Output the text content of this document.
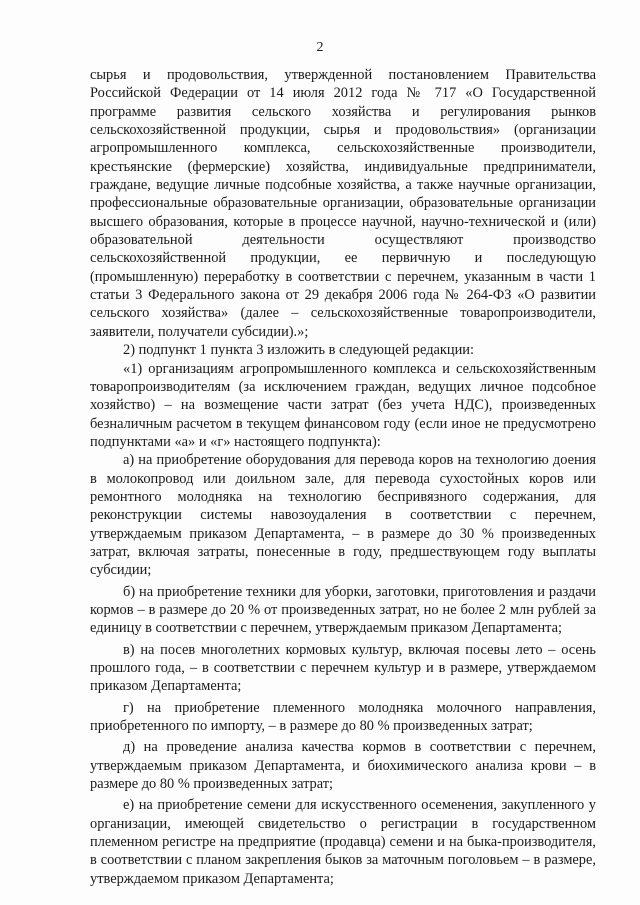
2

сырья и продовольствия, утвержденной постановлением Правительства Российской Федерации от 14 июля 2012 года № 717 «О Государственной программе развития сельского хозяйства и регулирования рынков сельскохозяйственной продукции, сырья и продовольствия» (организации агропромышленного комплекса, сельскохозяйственные производители, крестьянские (фермерские) хозяйства, индивидуальные предприниматели, граждане, ведущие личные подсобные хозяйства, а также научные организации, профессиональные образовательные организации, образовательные организации высшего образования, которые в процессе научной, научно-технической и (или) образовательной деятельности осуществляют производство сельскохозяйственной продукции, ее первичную и последующую (промышленную) переработку в соответствии с перечнем, указанным в части 1 статьи 3 Федерального закона от 29 декабря 2006 года № 264-ФЗ «О развитии сельского хозяйства» (далее – сельскохозяйственные товаропроизводители, заявители, получатели субсидии).»;

2) подпункт 1 пункта 3 изложить в следующей редакции:

«1) организациям агропромышленного комплекса и сельскохозяйственным товаропроизводителям (за исключением граждан, ведущих личное подсобное хозяйство) – на возмещение части затрат (без учета НДС), произведенных безналичным расчетом в текущем финансовом году (если иное не предусмотрено подпунктами «а» и «г» настоящего подпункта):

а) на приобретение оборудования для перевода коров на технологию доения в молокопровод или доильном зале, для перевода сухостойных коров или ремонтного молодняка на технологию беспривязного содержания, для реконструкции системы навозоудаления в соответствии с перечнем, утверждаемым приказом Департамента, – в размере до 30 % произведенных затрат, включая затраты, понесенные в году, предшествующем году выплаты субсидии;

б) на приобретение техники для уборки, заготовки, приготовления и раздачи кормов – в размере до 20 % от произведенных затрат, но не более 2 млн рублей за единицу в соответствии с перечнем, утверждаемым приказом Департамента;

в) на посев многолетних кормовых культур, включая посевы лето – осень прошлого года, – в соответствии с перечнем культур и в размере, утверждаемом приказом Департамента;

г) на приобретение племенного молодняка молочного направления, приобретенного по импорту, – в размере до 80 % произведенных затрат;

д) на проведение анализа качества кормов в соответствии с перечнем, утверждаемым приказом Департамента, и биохимического анализа крови – в размере до 80 % произведенных затрат;

е) на приобретение семени для искусственного осеменения, закупленного у организации, имеющей свидетельство о регистрации в государственном племенном регистре на предприятие (продавца) семени и на быка-производителя, в соответствии с планом закрепления быков за маточным поголовьем – в размере, утверждаемом приказом Департамента;
